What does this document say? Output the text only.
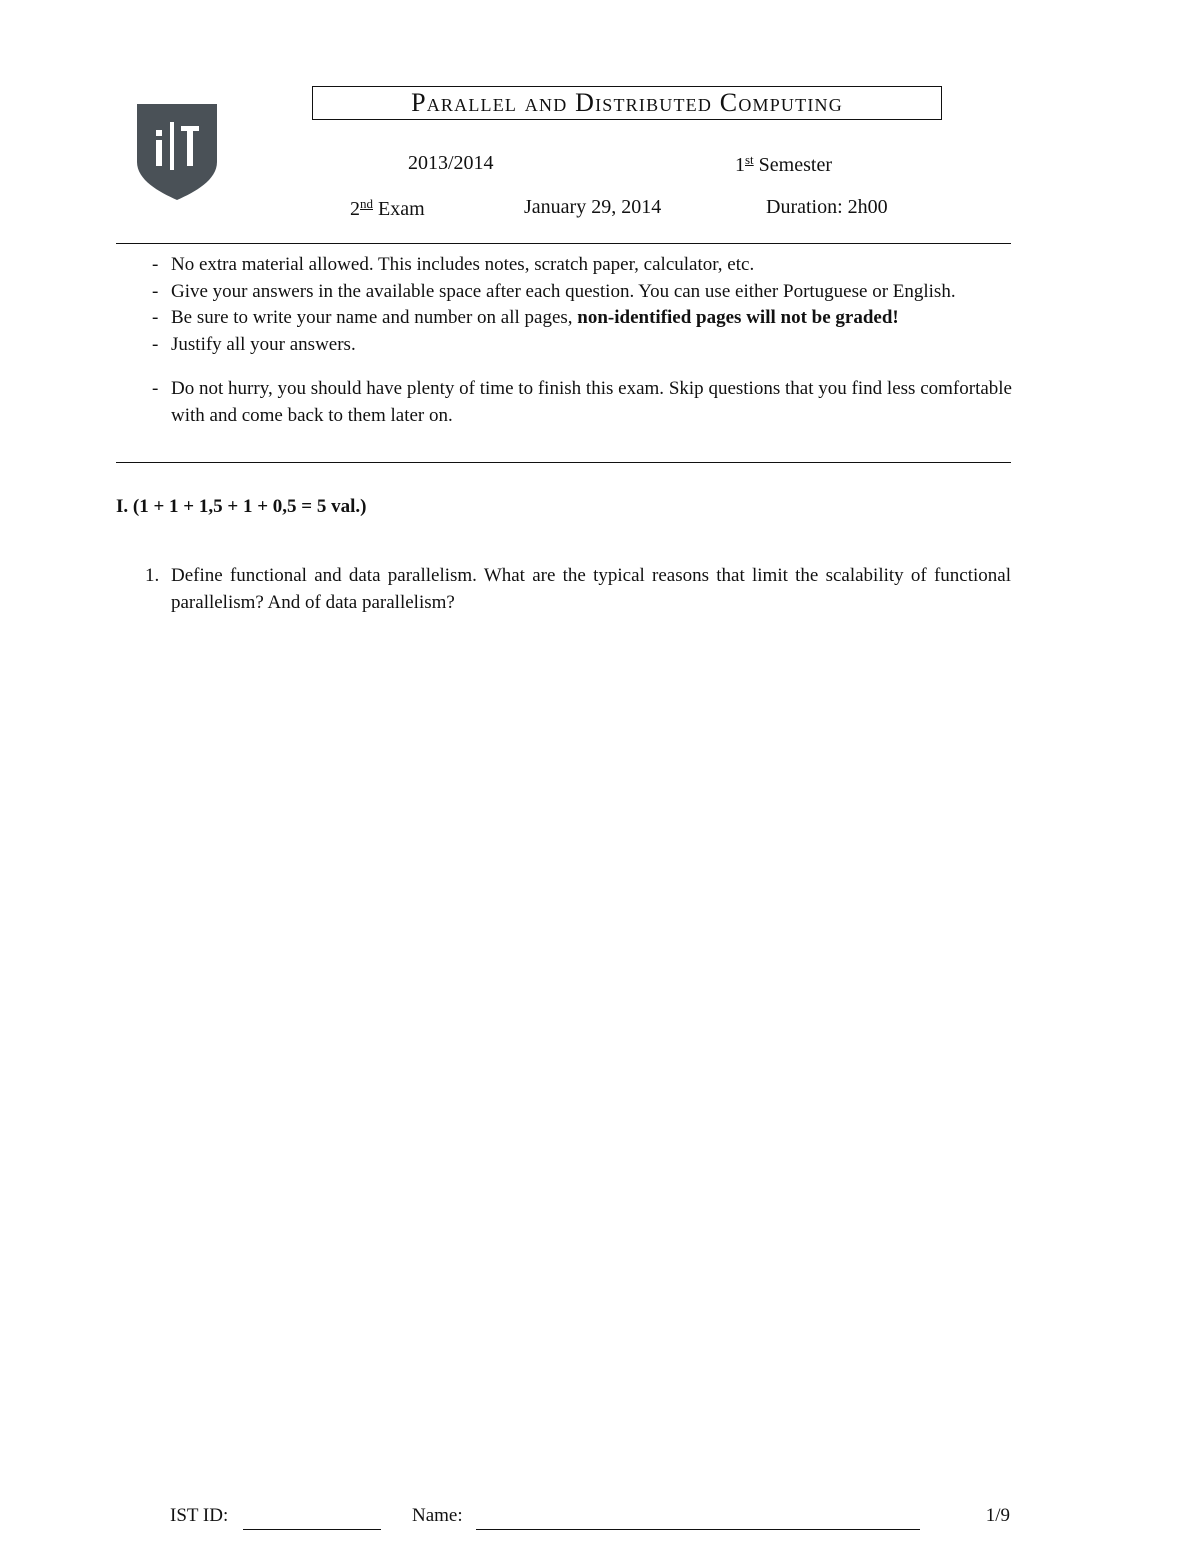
Parallel and Distributed Computing
2013/2014	1st Semester
2nd Exam	January 29, 2014	Duration: 2h00
- No extra material allowed. This includes notes, scratch paper, calculator, etc.
- Give your answers in the available space after each question. You can use either Portuguese or English.
- Be sure to write your name and number on all pages, non-identified pages will not be graded!
- Justify all your answers.
- Do not hurry, you should have plenty of time to finish this exam. Skip questions that you find less comfortable with and come back to them later on.
I. (1 + 1 + 1,5 + 1 + 0,5 = 5 val.)
1. Define functional and data parallelism. What are the typical reasons that limit the scalability of functional parallelism? And of data parallelism?
IST ID:	Name:	1/9
